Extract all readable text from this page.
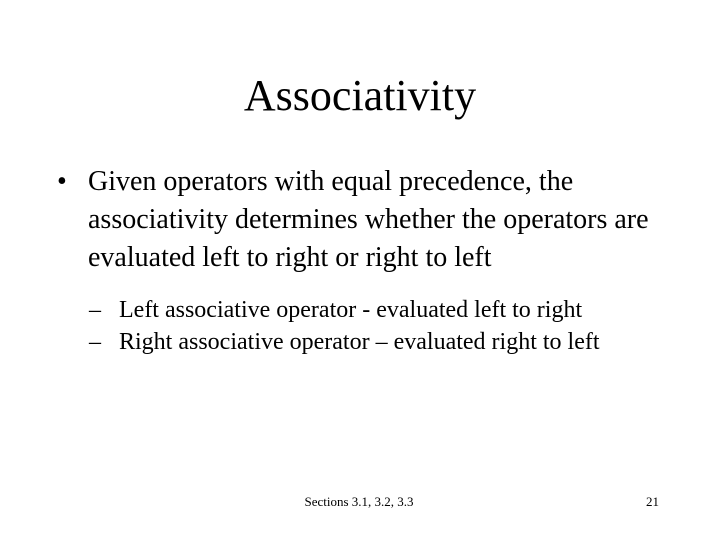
Associativity
• Given operators with equal precedence, the associativity determines whether the operators are evaluated left to right or right to left
– Left associative operator - evaluated left to right
– Right associative operator – evaluated right to left
Sections 3.1, 3.2, 3.3	21
